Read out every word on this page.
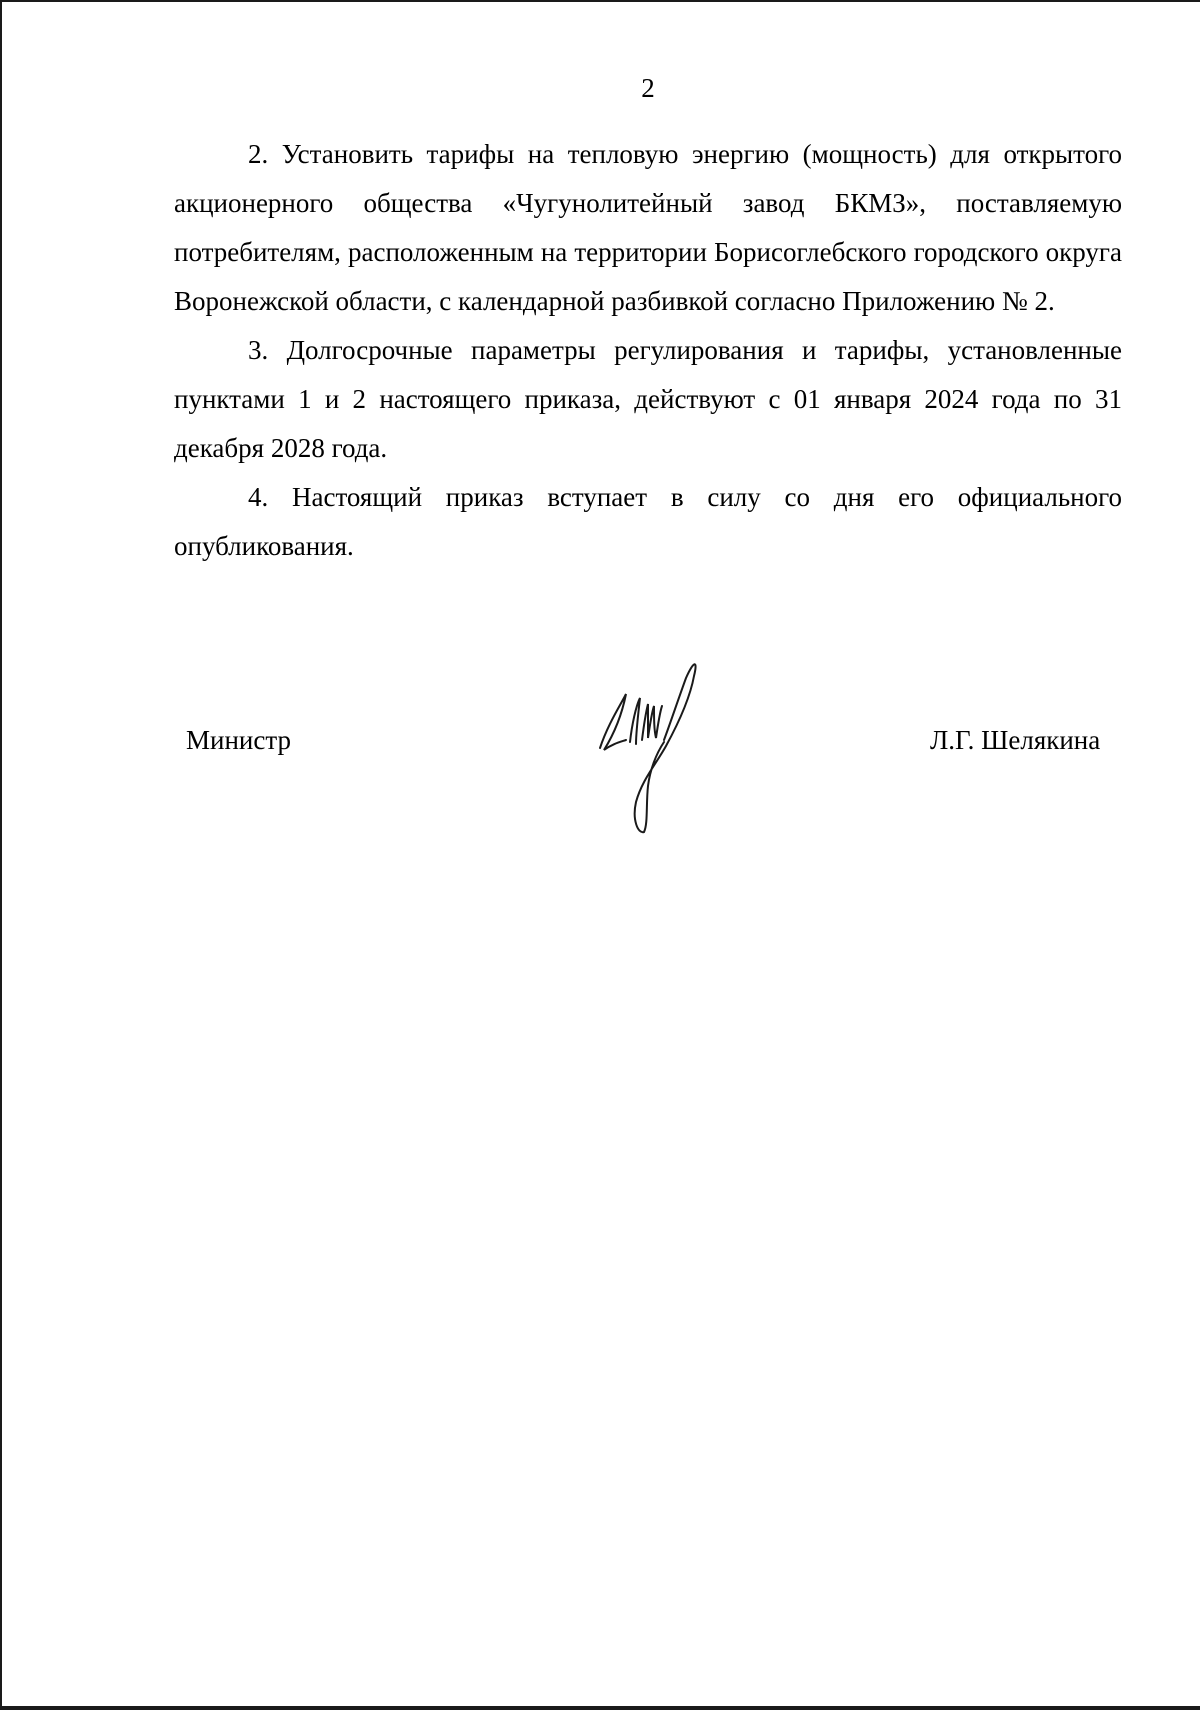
2

2. Установить тарифы на тепловую энергию (мощность) для открытого акционерного общества «Чугунолитейный завод БКМЗ», поставляемую потребителям, расположенным на территории Борисоглебского городского округа Воронежской области, с календарной разбивкой согласно Приложению № 2.

3. Долгосрочные параметры регулирования и тарифы, установленные пунктами 1 и 2 настоящего приказа, действуют с 01 января 2024 года по 31 декабря 2028 года.

4. Настоящий приказ вступает в силу со дня его официального опубликования.

Министр	Л.Г. Шелякина
